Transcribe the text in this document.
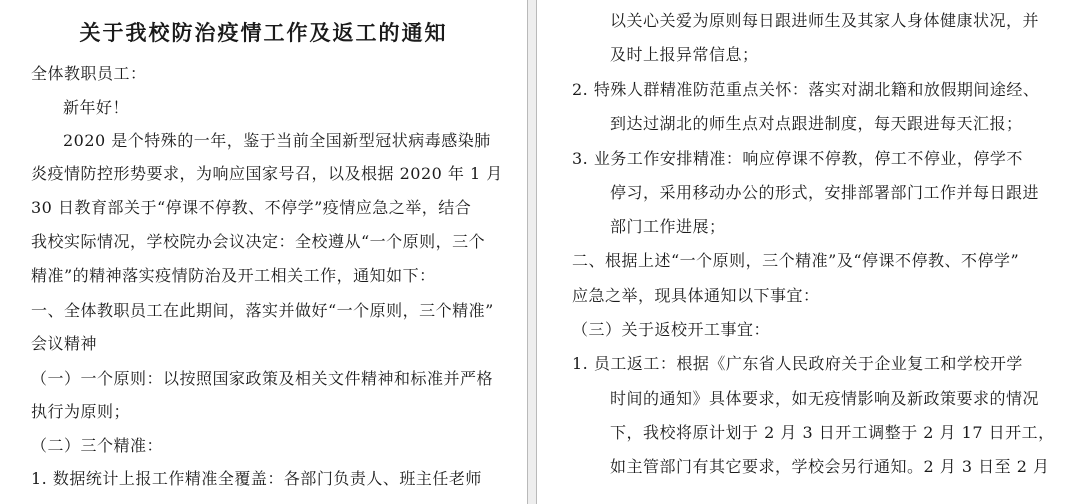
关于我校防治疫情工作及返工的通知
全体教职员工：
新年好！
2020 是个特殊的一年，鉴于当前全国新型冠状病毒感染肺
炎疫情防控形势要求，为响应国家号召，以及根据 2020 年 1 月
30 日教育部关于“停课不停教、不停学”疫情应急之举，结合
我校实际情况，学校院办会议决定：全校遵从“一个原则，三个
精准”的精神落实疫情防治及开工相关工作，通知如下：
一、全体教职员工在此期间，落实并做好“一个原则，三个精准”
会议精神
（一）一个原则：以按照国家政策及相关文件精神和标准并严格
执行为原则；
（二）三个精准：
1. 数据统计上报工作精准全覆盖：各部门负责人、班主任老师
以关心关爱为原则每日跟进师生及其家人身体健康状况，并
及时上报异常信息；
2. 特殊人群精准防范重点关怀：落实对湖北籍和放假期间途经、
到达过湖北的师生点对点跟进制度，每天跟进每天汇报；
3. 业务工作安排精准：响应停课不停教，停工不停业，停学不
停习，采用移动办公的形式，安排部署部门工作并每日跟进
部门工作进展；
二、根据上述“一个原则，三个精准”及“停课不停教、不停学”
应急之举，现具体通知以下事宜：
（三）关于返校开工事宜：
1. 员工返工：根据《广东省人民政府关于企业复工和学校开学
时间的通知》具体要求，如无疫情影响及新政策要求的情况
下，我校将原计划于 2 月 3 日开工调整于 2 月 17 日开工，
如主管部门有其它要求，学校会另行通知。2 月 3 日至 2 月
